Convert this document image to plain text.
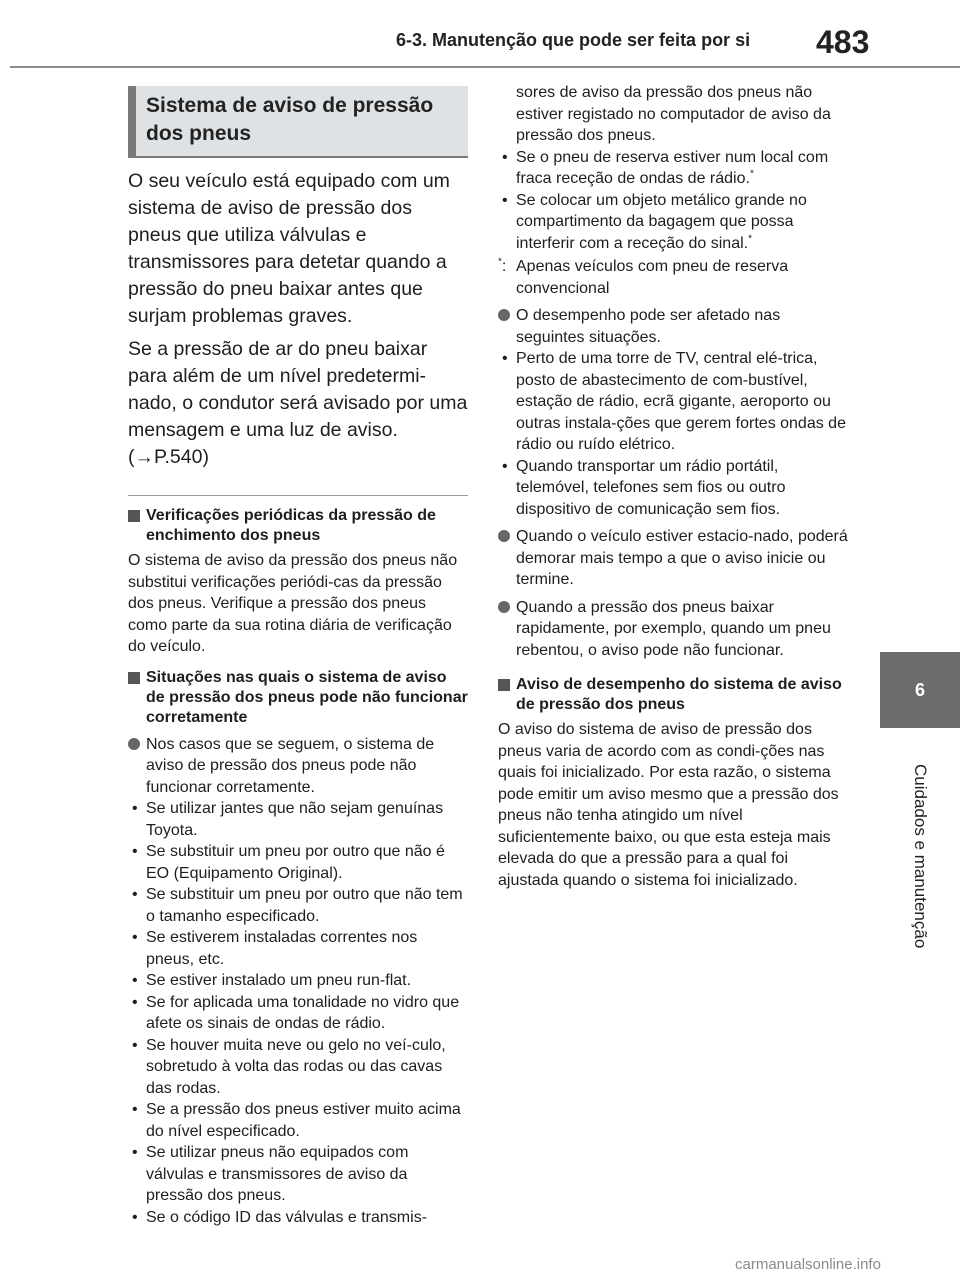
6-3. Manutenção que pode ser feita por si 483
6
Cuidados e manutenção
Sistema de aviso de pressão dos pneus

O seu veículo está equipado com um sistema de aviso de pressão dos pneus que utiliza válvulas e transmissores para detetar quando a pressão do pneu baixar antes que surjam problemas graves.

Se a pressão de ar do pneu baixar para além de um nível predetermi-nado, o condutor será avisado por uma mensagem e uma luz de aviso. (→P.540)

Verificações periódicas da pressão de enchimento dos pneus

O sistema de aviso da pressão dos pneus não substitui verificações periódi-cas da pressão dos pneus. Verifique a pressão dos pneus como parte da sua rotina diária de verificação do veículo.

Situações nas quais o sistema de aviso de pressão dos pneus pode não funcionar corretamente
Nos casos que se seguem, o sistema de aviso de pressão dos pneus pode não funcionar corretamente.
• Se utilizar jantes que não sejam genuínas Toyota.
• Se substituir um pneu por outro que não é EO (Equipamento Original).
• Se substituir um pneu por outro que não tem o tamanho especificado.
• Se estiverem instaladas correntes nos pneus, etc.
• Se estiver instalado um pneu run-flat.
• Se for aplicada uma tonalidade no vidro que afete os sinais de ondas de rádio.
• Se houver muita neve ou gelo no veí-culo, sobretudo à volta das rodas ou das cavas das rodas.
• Se a pressão dos pneus estiver muito acima do nível especificado.
• Se utilizar pneus não equipados com válvulas e transmissores de aviso da pressão dos pneus.
• Se o código ID das válvulas e transmis-
sores de aviso da pressão dos pneus não estiver registado no computador de aviso da pressão dos pneus.
• Se o pneu de reserva estiver num local com fraca receção de ondas de rádio.*
• Se colocar um objeto metálico grande no compartimento da bagagem que possa interferir com a receção do sinal.*
*: Apenas veículos com pneu de reserva convencional
O desempenho pode ser afetado nas seguintes situações.
• Perto de uma torre de TV, central elé-trica, posto de abastecimento de com-bustível, estação de rádio, ecrã gigante, aeroporto ou outras instala-ções que gerem fortes ondas de rádio ou ruído elétrico.
• Quando transportar um rádio portátil, telemóvel, telefones sem fios ou outro dispositivo de comunicação sem fios.
Quando o veículo estiver estacio-nado, poderá demorar mais tempo a que o aviso inicie ou termine.
Quando a pressão dos pneus baixar rapidamente, por exemplo, quando um pneu rebentou, o aviso pode não funcionar.
Aviso de desempenho do sistema de aviso de pressão dos pneus

O aviso do sistema de aviso de pressão dos pneus varia de acordo com as condi-ções nas quais foi inicializado. Por esta razão, o sistema pode emitir um aviso mesmo que a pressão dos pneus não tenha atingido um nível suficientemente baixo, ou que esta esteja mais elevada do que a pressão para a qual foi ajustada quando o sistema foi inicializado.

carmanualsonline.info
